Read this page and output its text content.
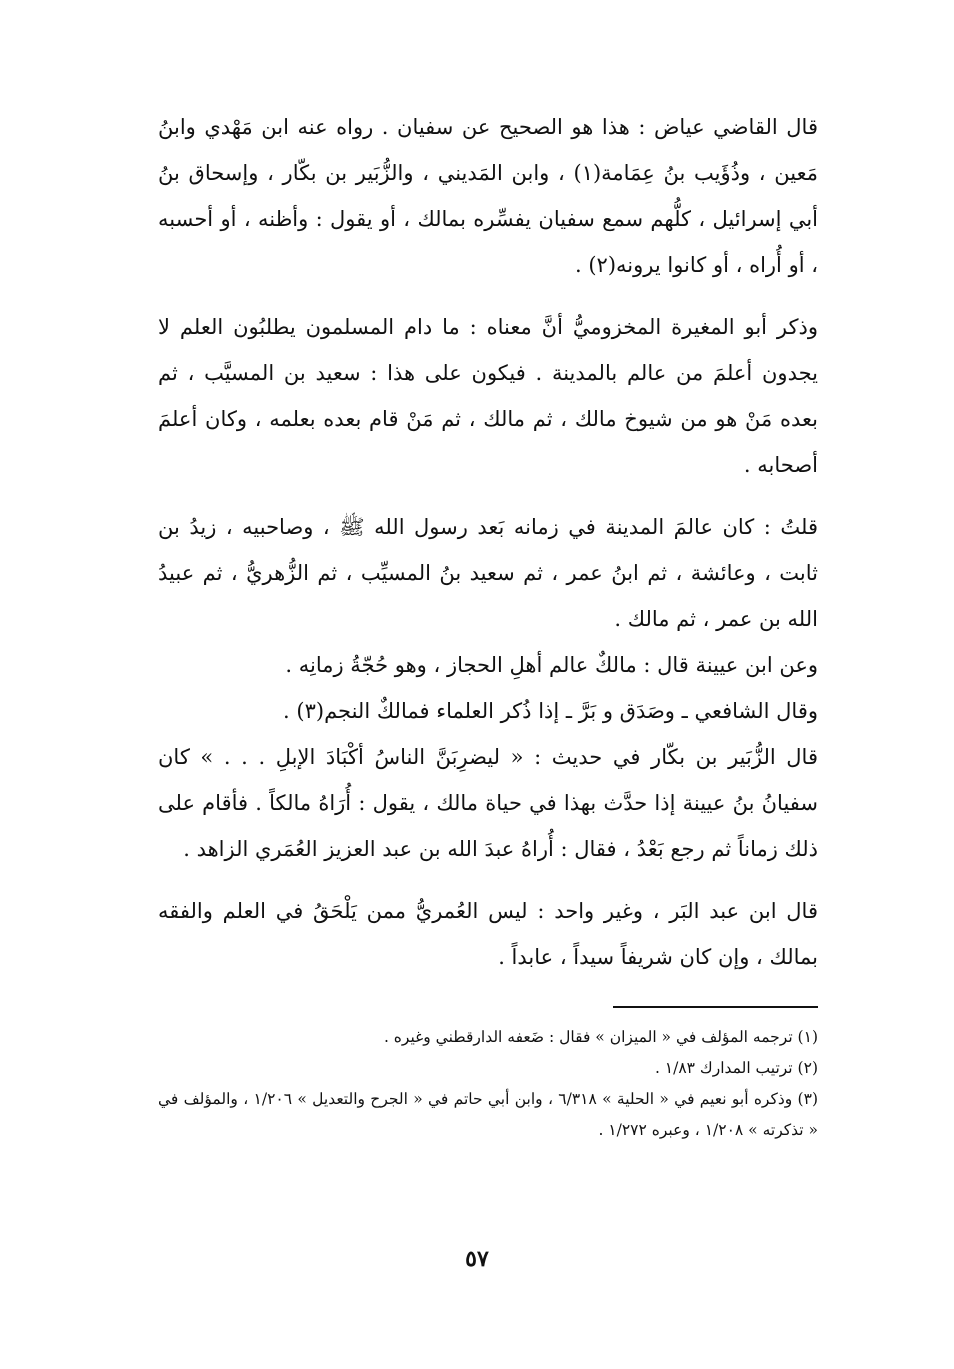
قال القاضي عياض : هذا هو الصحيح عن سفيان . رواه عنه ابن مَهْدي وابنُ مَعين ، وذُؤَيب بنُ عِمَامة(١) ، وابن المَديني ، والزُّبَير بن بكّار ، وإسحاق بنُ أبي إسرائيل ، كلُّهم سمع سفيان يفسِّره بمالك ، أو يقول : وأظنه ، أو أحسبه ، أو أُراه ، أو كانوا يرونه(٢) .

وذكر أبو المغيرة المخزوميُّ أنَّ معناه : ما دام المسلمون يطلبُون العلم لا يجدون أعلمَ من عالم بالمدينة . فيكون على هذا : سعيد بن المسيَّب ، ثم بعده مَنْ هو من شيوخ مالك ، ثم مالك ، ثم مَنْ قام بعده بعلمه ، وكان أعلمَ أصحابه .

قلتُ : كان عالمَ المدينة في زمانه بَعد رسول الله ﷺ ، وصاحبيه ، زيدُ بن ثابت ، وعائشة ، ثم ابنُ عمر ، ثم سعيد بنُ المسيِّب ، ثم الزُّهريُّ ، ثم عبيدُ الله بن عمر ، ثم مالك .

وعن ابن عيينة قال : مالكٌ عالم أهلِ الحجاز ، وهو حُجّةُ زمانِه .

وقال الشافعي ـ وصَدَق و بَرَّ ـ إذا ذُكر العلماء فمالكٌ النجم(٣) .

قال الزُّبَير بن بكّار في حديث : « ليضرِبَنَّ الناسُ أكْبَادَ الإبلِ . . . » كان سفيانُ بنُ عيينة إذا حدَّث بهذا في حياة مالك ، يقول : أُرَاهُ مالكاً . فأقام على ذلك زماناً ثم رجع بَعْدُ ، فقال : أُراهُ عبدَ الله بن عبد العزيز العُمَري الزاهد .

قال ابن عبد البَر ، وغير واحد : ليس العُمريُّ ممن يَلْحَقُ في العلم والفقه بمالك ، وإن كان شريفاً سيداً ، عابداً .

(١) ترجمه المؤلف في « الميزان » فقال : ضَعفه الدارقطني وغيره .

(٢) ترتيب المدارك ١/٨٣ .

(٣) وذكره أبو نعيم في « الحلية » ٦/٣١٨ ، وابن أبي حاتم في « الجرح والتعديل » ١/٢٠٦ ، والمؤلف في « تذكرته » ١/٢٠٨ ، وعبره ١/٢٧٢ .

٥٧
